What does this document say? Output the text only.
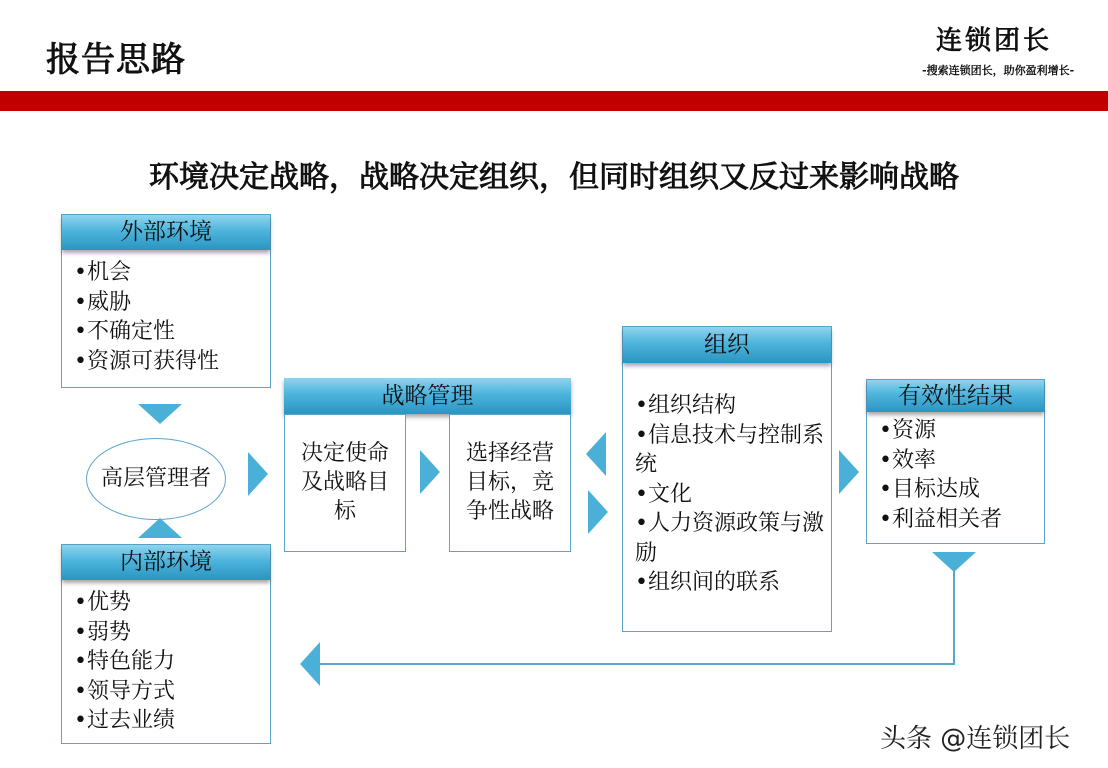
报告思路	连锁团长
-搜索连锁团长，助你盈利增长-
环境决定战略，战略决定组织，但同时组织又反过来影响战略
外部环境
• 机会
• 威胁
• 不确定性
• 资源可获得性
高层管理者
内部环境
• 优势
• 弱势
• 特色能力
• 领导方式
• 过去业绩
战略管理
决定使命及战略目标
选择经营目标，竞争性战略
组织
• 组织结构
• 信息技术与控制系统
• 文化
• 人力资源政策与激励
• 组织间的联系
有效性结果
• 资源
• 效率
• 目标达成
• 利益相关者
头条 @连锁团长
